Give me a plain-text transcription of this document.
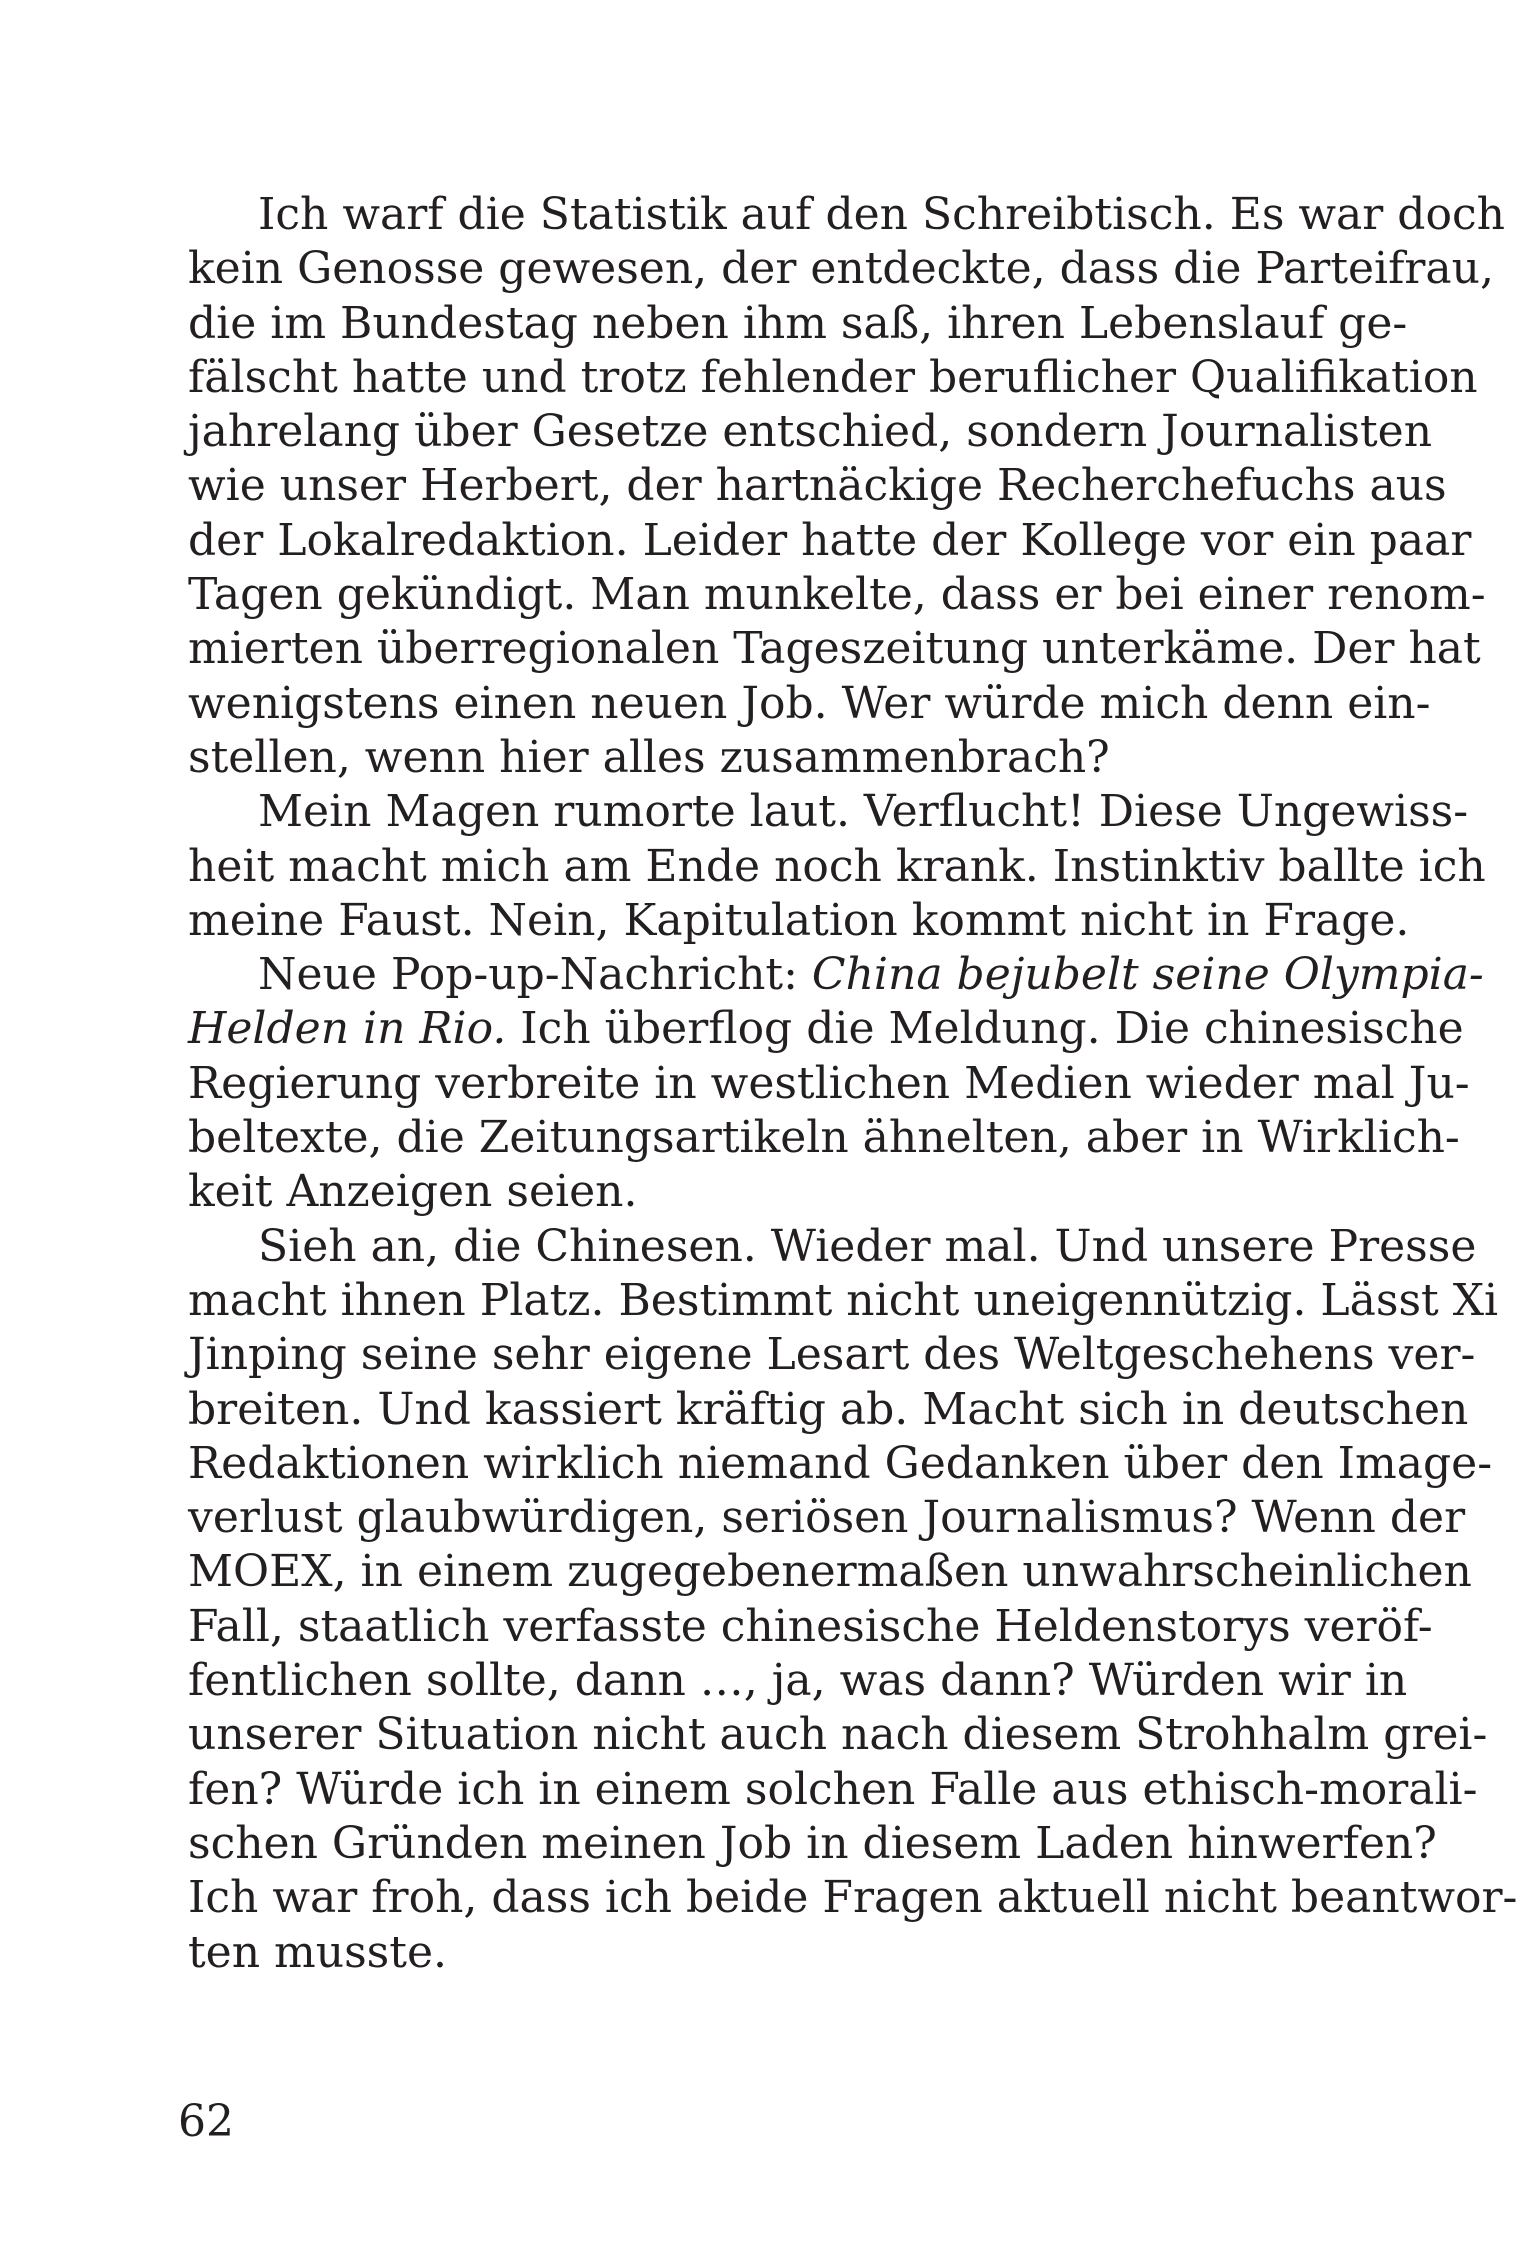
Ich warf die Statistik auf den Schreibtisch. Es war doch
kein Genosse gewesen, der entdeckte, dass die Parteifrau,
die im Bundestag neben ihm saß, ihren Lebenslauf ge-
fälscht hatte und trotz fehlender beruflicher Qualifikation
jahrelang über Gesetze entschied, sondern Journalisten
wie unser Herbert, der hartnäckige Recherchefuchs aus
der Lokalredaktion. Leider hatte der Kollege vor ein paar
Tagen gekündigt. Man munkelte, dass er bei einer renom-
mierten überregionalen Tageszeitung unterkäme. Der hat
wenigstens einen neuen Job. Wer würde mich denn ein-
stellen, wenn hier alles zusammenbrach?
Mein Magen rumorte laut. Verflucht! Diese Ungewiss-
heit macht mich am Ende noch krank. Instinktiv ballte ich
meine Faust. Nein, Kapitulation kommt nicht in Frage.
Neue Pop-up-Nachricht: China bejubelt seine Olympia-
Helden in Rio. Ich überflog die Meldung. Die chinesische
Regierung verbreite in westlichen Medien wieder mal Ju-
beltexte, die Zeitungsartikeln ähnelten, aber in Wirklich-
keit Anzeigen seien.
Sieh an, die Chinesen. Wieder mal. Und unsere Presse
macht ihnen Platz. Bestimmt nicht uneigennützig. Lässt Xi
Jinping seine sehr eigene Lesart des Weltgeschehens ver-
breiten. Und kassiert kräftig ab. Macht sich in deutschen
Redaktionen wirklich niemand Gedanken über den Image-
verlust glaubwürdigen, seriösen Journalismus? Wenn der
MOEX, in einem zugegebenermaßen unwahrscheinlichen
Fall, staatlich verfasste chinesische Heldenstorys veröf-
fentlichen sollte, dann …, ja, was dann? Würden wir in
unserer Situation nicht auch nach diesem Strohhalm grei-
fen? Würde ich in einem solchen Falle aus ethisch-morali-
schen Gründen meinen Job in diesem Laden hinwerfen?
Ich war froh, dass ich beide Fragen aktuell nicht beantwor-
ten musste.
62
